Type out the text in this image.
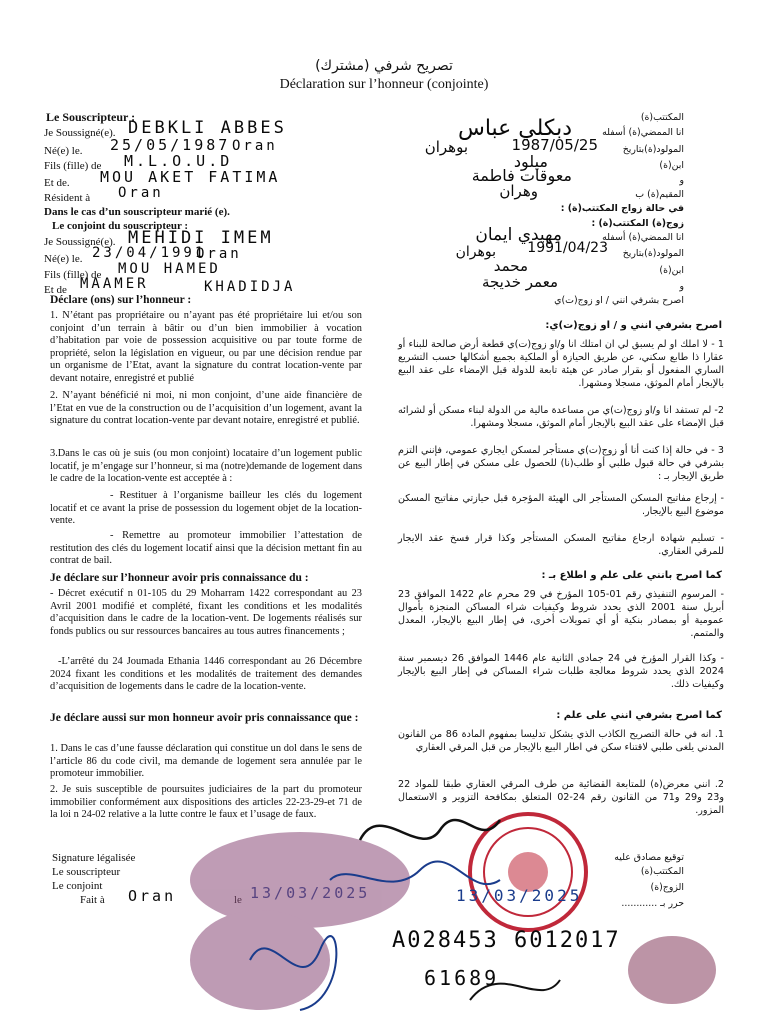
تصريح شرفي (مشترك)
Déclaration sur l’honneur (conjointe)
Le Souscripteur :
Je Soussigné(e). DEBKLI ABBES
Né(e) le. 25/05/1987 Oran
Fils (fille) de M.L.O.U.D
Et de. MOU AKET FATIMA
Résident à Oran
Dans le cas d’un souscripteur marié (e).
Le conjoint du souscripteur :
Je Soussigné(e). MEHIDI IMEM
Né(e) le. 23/04/1991
Oran
Fils (fille) de MOU HAMED
Et de MAAMER	KHADIDJA
Déclare (ons) sur l’honneur :
1. N’étant pas propriétaire ou n’ayant pas été propriétaire lui et/ou son conjoint d’un terrain à bâtir ou d’un bien immobilier à vocation d’habitation par voie de possession acquisitive ou par toute forme de propriété, selon la législation en vigueur, ou par une décision rendue par un organisme de l’Etat, avant la signature du contrat location-vente par devant notaire, enregistré et publié
2. N’ayant bénéficié ni moi, ni mon conjoint, d’une aide financière de l’Etat en vue de la construction ou de l’acquisition d’un logement, avant la signature du contrat location-vente par devant notaire, enregistré et publié.
3.Dans le cas où je suis (ou mon conjoint) locataire d’un logement public locatif, je m’engage sur l’honneur, si ma (notre)demande de logement dans le cadre de la location-vente est acceptée à :
- Restituer à l’organisme bailleur les clés du logement locatif et ce avant la prise de possession du logement objet de la location-vente.
- Remettre au promoteur immobilier l’attestation de restitution des clés du logement locatif ainsi que la décision mettant fin au contrat de bail.
Je déclare sur l’honneur avoir pris connaissance du :
- Décret exécutif n 01-105 du 29 Moharram 1422 correspondant au 23 Avril 2001 modifié et complété, fixant les conditions et les modalités d’acquisition dans le cadre de la location-vent. De logements réalisés sur fonds publics ou sur ressources bancaires au tous autres financements ;
-L’arrêté du 24 Joumada Ethania 1446 correspondant au 26 Décembre 2024 fixant les conditions et les modalités de traitement des demandes d’acquisition de logements dans le cadre de la location-vente.
Je déclare aussi sur mon honneur avoir pris connaissance que :
1. Dans le cas d’une fausse déclaration qui constitue un dol dans le sens de l’article 86 du code civil, ma demande de logement sera annulée par le promoteur immobilier.
2. Je suis susceptible de poursuites judiciaires de la part du promoteur immobilier conformément aux dispositions des articles 22-23-29-et 71 de la loi n 24-02 relative a la lutte contre le faux et l’usage de faux.
Signature légalisée
Le souscripteur
Le conjoint
Fait à Oran
المكتتب(ة)
انا الممضي(ة) أسفله
دبكلي عباس
المولود(ة)بتاريخ
1987/05/25
بوهران
ابن(ة)
ميلود
و
معوقات فاطمة
المقيم(ة) ب
وهران
في حالة زواج المكتتب(ة) :
زوج(ة) المكتتب(ة) :
انا الممضي(ة) أسفله
مهيدي ايمان
المولود(ة)بتاريخ
1991/04/23
بوهران
ابن(ة)
محمد
و
معمر خديجة
اصرح بشرفي انني / او زوج(ت)ي
اصرح بشرفي انني و / او زوج(ت)ي:
1 - لا املك او لم يسبق لي ان امتلك انا و/او زوج(ت)ي قطعة أرض صالحة للبناء أو عقارا ذا طابع سكني، عن طريق الحيازة أو الملكية بجميع أشكالها حسب التشريع الساري المفعول أو بقرار صادر عن هيئة تابعة للدولة قبل الإمضاء على عقد البيع بالإيجار أمام الموثق، مسجلا ومشهرا.
2- لم تستفد انا و/او زوج(ت)ي من مساعدة مالية من الدولة لبناء مسكن أو لشرائه قبل الإمضاء على عقد البيع بالإيجار أمام الموثق، مسجلا ومشهرا.
3 - في حالة إذا كنت أنا أو زوج(ت)ي مستأجر لمسكن ايجاري عمومي، فإنني التزم بشرفي في حالة قبول طلبي أو طلب(نا) للحصول على مسكن في إطار البيع عن طريق الإيجار بـ :
- إرجاع مفاتيح المسكن المستأجر الى الهيئة المؤجرة قبل حيازتي مفاتيح المسكن موضوع البيع بالإيجار.
- تسليم شهادة ارجاع مفاتيح المسكن المستأجر وكذا قرار فسخ عقد الايجار للمرقي العقاري.
كما اصرح بانني على علم و اطلاع بـ :
- المرسوم التنفيذي رقم 01-105 المؤرخ في 29 محرم عام 1422 الموافق 23 أبريل سنة 2001 الذي يحدد شروط وكيفيات شراء المساكن المنجزة بأموال عمومية أو بمصادر بنكية أو أي تمويلات أخرى، في إطار البيع بالإيجار، المعدل والمتمم.
- وكذا القرار المؤرخ في 24 جمادى الثانية عام 1446 الموافق 26 ديسمبر سنة 2024 الذي يحدد شروط معالجة طلبات شراء المساكن في إطار البيع بالإيجار وكيفيات ذلك.
كما اصرح بشرفي انني على علم :
1. انه في حالة التصريح الكاذب الذي يشكل تدليسا بمفهوم المادة 86 من القانون المدني يلغى طلبي لاقتناء سكن في اطار البيع بالإيجار من قبل المرقي العقاري
2. انني معرض(ة) للمتابعة القضائية من طرف المرقي العقاري طبقا للمواد 22 و23 و29 و71 من القانون رقم 24-02 المتعلق بمكافحة التزوير و الاستعمال المزور.
توقيع مصادق عليه
المكتتب(ة)
الزوج(ة)
حرر بـ ............
A028453 6012017
61689
13/03/2025
